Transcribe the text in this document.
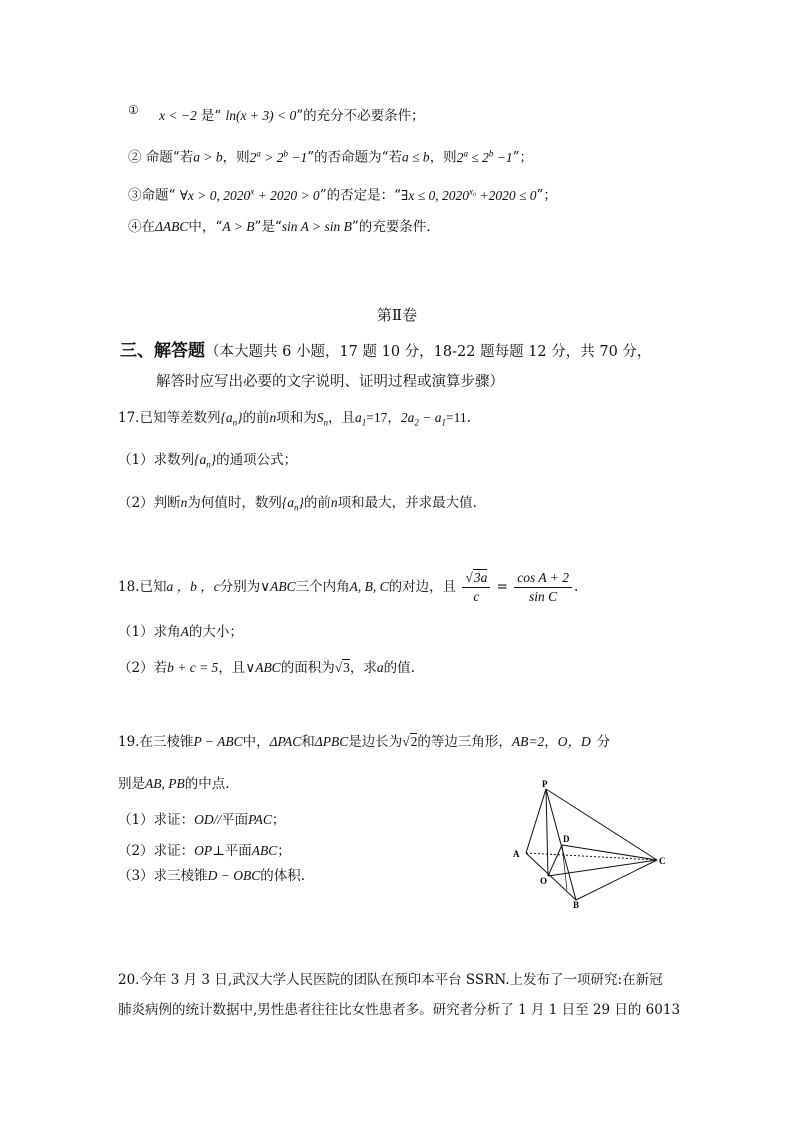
① x < −2 是“ ln(x + 3) < 0”的充分不必要条件；
② 命题“若a > b，则$2^a > 2^b -1$”的否命题为“若a ≤ b，则$2^a \le 2^b -1$”；
③命题“ ∀x > 0, $2020^x + 2020 > 0$”的否定是：“∃x ≤ 0, $2020^{x_0} +2020 \le 0$”；
④在ΔABC中，“A > B”是“sin A > sin B”的充要条件.
第Ⅱ卷
三、解答题（本大题共 6 小题，17 题 10 分，18-22 题每题 12 分，共 70 分，
解答时应写出必要的文字说明、证明过程或演算步骤）
17.已知等差数列$\{a_n\}$的前n项和为$S_n$，且$a_1=17$，$2a_2 - a_1=11$.
（1）求数列$\{a_n\}$的通项公式；
（2）判断n为何值时，数列$\{a_n\}$的前n项和最大，并求最大值.
18.已知a ，b ，c分别为∨ABC三个内角A, B, C的对边，且 $\frac{√3a}{c} = \frac{\text{cos A + 2}}{\text{sin C}}$ .
（1）求角A的大小；
（2）若b + c = 5，且∨ABC的面积为√3，求a的值.
19.在三棱锥P − ABC中，ΔPAC和ΔPBC是边长为√2的等边三角形，AB=2，O，D 分
别是AB, PB的中点.
（1）求证：OD//平面PAC；
（2）求证：OP⊥平面ABC；
（3）求三棱锥D − OBC的体积.
P
A
B
C
D
O
20.今年 3 月 3 日,武汉大学人民医院的团队在预印本平台 SSRN.上发布了一项研究:在新冠
肺炎病例的统计数据中,男性患者往往比女性患者多。研究者分析了 1 月 1 日至 29 日的 6013
